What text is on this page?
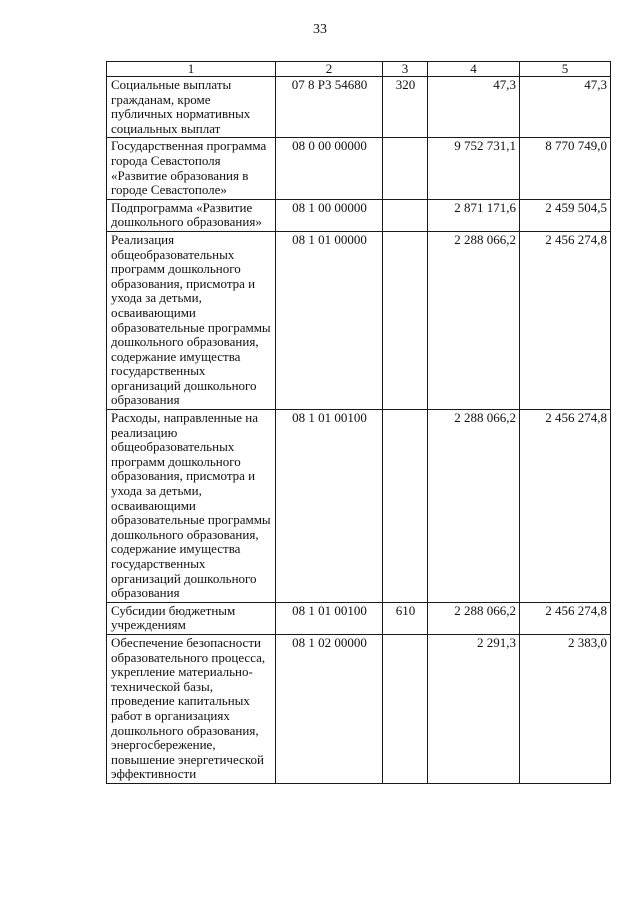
33
1	2	3	4	5
Социальные выплаты гражданам, кроме публичных нормативных социальных выплат	07 8 P3 54680	320	47,3	47,3
Государственная программа города Севастополя «Развитие образования в городе Севастополе»	08 0 00 00000		9 752 731,1	8 770 749,0
Подпрограмма «Развитие дошкольного образования»	08 1 00 00000		2 871 171,6	2 459 504,5
Реализация общеобразовательных программ дошкольного образования, присмотра и ухода за детьми, осваивающими образовательные программы дошкольного образования, содержание имущества государственных организаций дошкольного образования	08 1 01 00000		2 288 066,2	2 456 274,8
Расходы, направленные на реализацию общеобразовательных программ дошкольного образования, присмотра и ухода за детьми, осваивающими образовательные программы дошкольного образования, содержание имущества государственных организаций дошкольного образования	08 1 01 00100		2 288 066,2	2 456 274,8
Субсидии бюджетным учреждениям	08 1 01 00100	610	2 288 066,2	2 456 274,8
Обеспечение безопасности образовательного процесса, укрепление материально-технической базы, проведение капитальных работ в организациях дошкольного образования, энергосбережение, повышение энергетической эффективности	08 1 02 00000		2 291,3	2 383,0
